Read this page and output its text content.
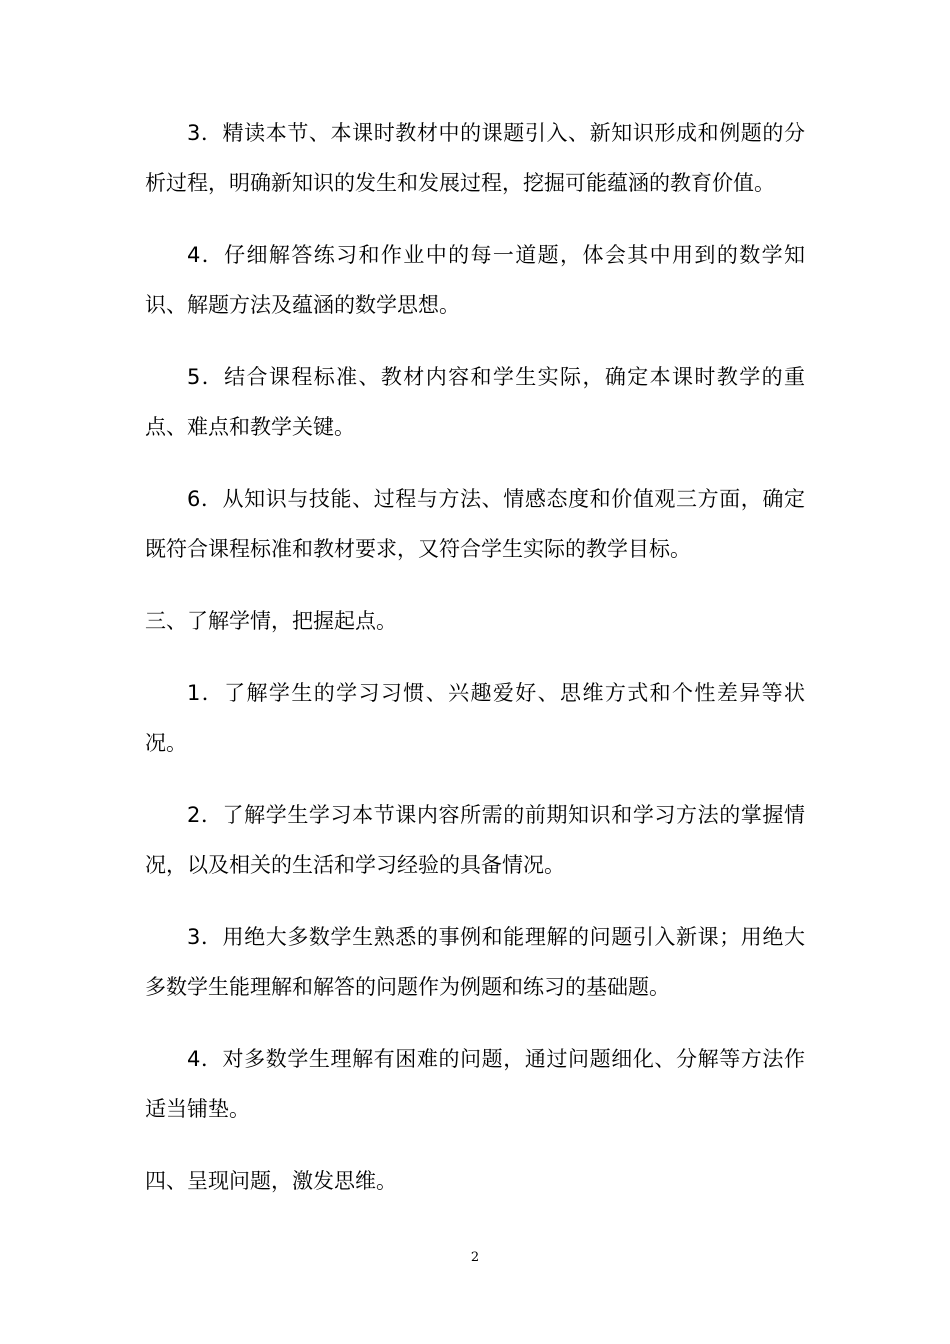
3．精读本节、本课时教材中的课题引入、新知识形成和例题的分析过程，明确新知识的发生和发展过程，挖掘可能蕴涵的教育价值。

4．仔细解答练习和作业中的每一道题，体会其中用到的数学知识、解题方法及蕴涵的数学思想。

5．结合课程标准、教材内容和学生实际，确定本课时教学的重点、难点和教学关键。

6．从知识与技能、过程与方法、情感态度和价值观三方面，确定既符合课程标准和教材要求，又符合学生实际的教学目标。

三、了解学情，把握起点。

1．了解学生的学习习惯、兴趣爱好、思维方式和个性差异等状况。

2．了解学生学习本节课内容所需的前期知识和学习方法的掌握情况，以及相关的生活和学习经验的具备情况。

3．用绝大多数学生熟悉的事例和能理解的问题引入新课；用绝大多数学生能理解和解答的问题作为例题和练习的基础题。

4．对多数学生理解有困难的问题，通过问题细化、分解等方法作适当铺垫。

四、呈现问题，激发思维。

2
